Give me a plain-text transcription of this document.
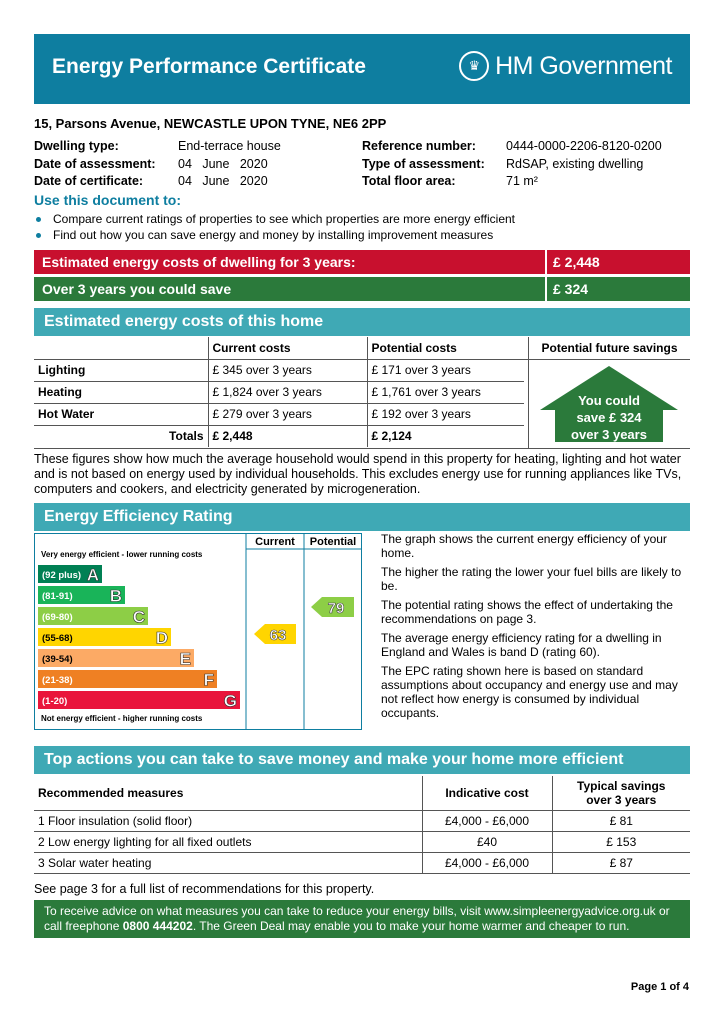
Energy Performance Certificate	♛ HM Government
15, Parsons Avenue, NEWCASTLE UPON TYNE, NE6 2PP
Dwelling type:	End-terrace house
Date of assessment:	04   June   2020
Date of certificate:	04   June   2020
Reference number:	0444-0000-2206-8120-0200
Type of assessment:	RdSAP, existing dwelling
Total floor area:	71 m²
Use this document to:
Compare current ratings of properties to see which properties are more energy efficient
Find out how you can save energy and money by installing improvement measures
Estimated energy costs of dwelling for 3 years:	£ 2,448
Over 3 years you could save	£ 324
Estimated energy costs of this home
	Current costs	Potential costs
Lighting	£ 345 over 3 years	£ 171 over 3 years
Heating	£ 1,824 over 3 years	£ 1,761 over 3 years
Hot Water	£ 279 over 3 years	£ 192 over 3 years
Totals	£ 2,448	£ 2,124
Potential future savings
You could
save £ 324
over 3 years
These figures show how much the average household would spend in this property for heating, lighting and hot water and is not based on energy used by individual households. This excludes energy use for running appliances like TVs, computers and cookers, and electricity generated by microgeneration.
Energy Efficiency Rating
Current Potential
Very energy efficient - lower running costs
Not energy efficient - higher running costs
(92 plus) A
(81-91) B
(69-80)	C
(55-68)	D
(39-54)	E
(21-38)	F
(1-20)	G
63
79

The graph shows the current energy efficiency of your home.

The higher the rating the lower your fuel bills are likely to be.

The potential rating shows the effect of undertaking the recommendations on page 3.

The average energy efficiency rating for a dwelling in England and Wales is band D (rating 60).

The EPC rating shown here is based on standard assumptions about occupancy and energy use and may not reflect how energy is consumed by individual occupants.

Top actions you can take to save money and make your home more efficient
Recommended measures	Indicative cost	Typical savings
over 3 years

1 Floor insulation (solid floor)	£4,000 - £6,000	£ 81
2 Low energy lighting for all fixed outlets	£40	£ 153
3 Solar water heating	£4,000 - £6,000	£ 87
See page 3 for a full list of recommendations for this property.
To receive advice on what measures you can take to reduce your energy bills, visit www.simpleenergyadvice.org.uk or call freephone 0800 444202. The Green Deal may enable you to make your home warmer and cheaper to run.
Page 1 of 4
